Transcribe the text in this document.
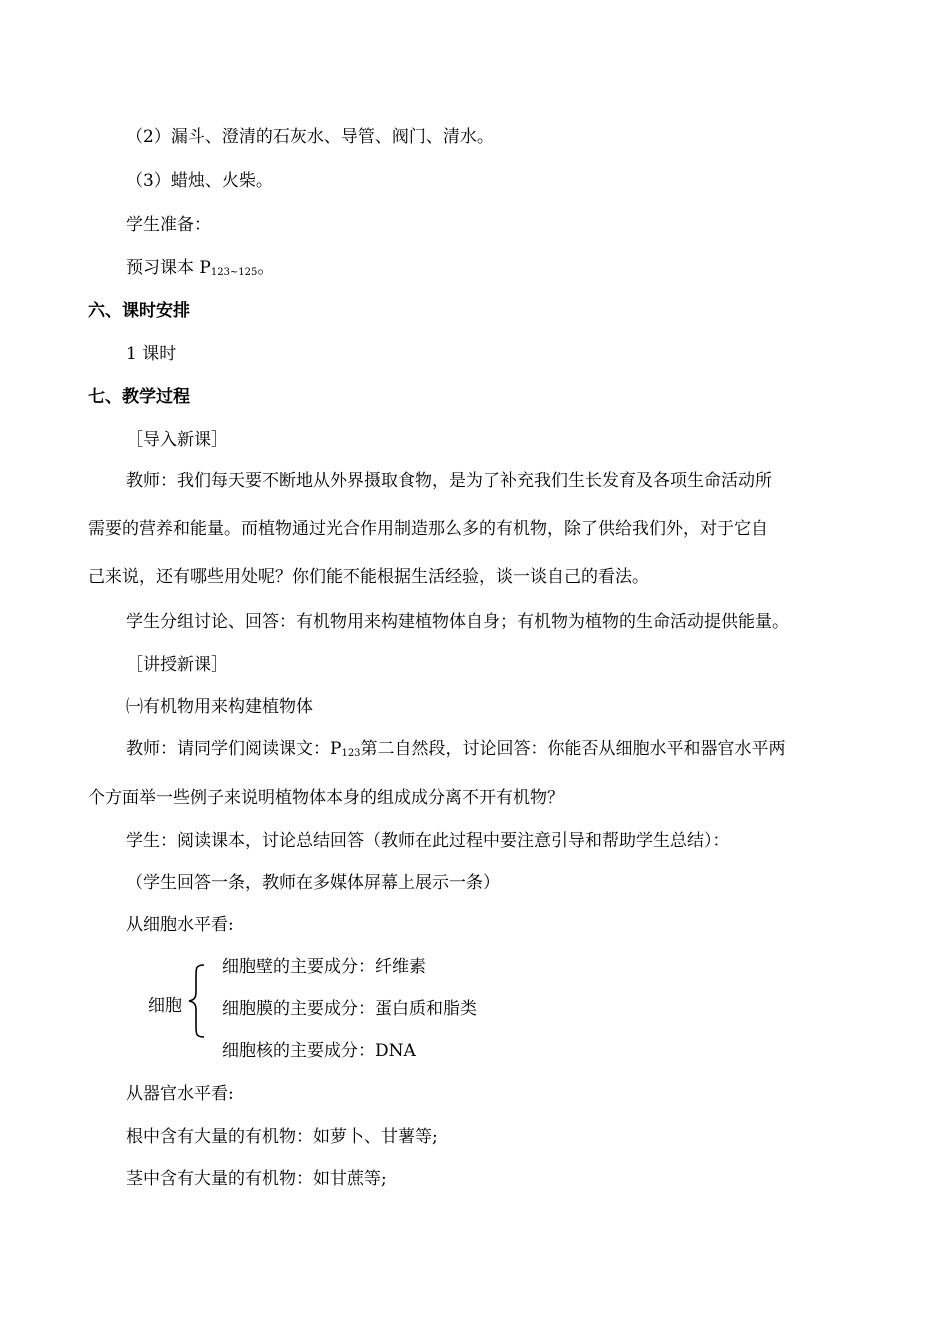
（2）漏斗、澄清的石灰水、导管、阀门、清水。
（3）蜡烛、火柴。
学生准备：
预习课本 $P_{123\sim 125}$。
六、课时安排
1 课时
七、教学过程
［导入新课］
教师：我们每天要不断地从外界摄取食物，是为了补充我们生长发育及各项生命活动所
需要的营养和能量。而植物通过光合作用制造那么多的有机物，除了供给我们外，对于它自
己来说，还有哪些用处呢？你们能不能根据生活经验，谈一谈自己的看法。
学生分组讨论、回答：有机物用来构建植物体自身；有机物为植物的生命活动提供能量。
［讲授新课］
㈠有机物用来构建植物体
教师：请同学们阅读课文：$P_{123}$第二自然段，讨论回答：你能否从细胞水平和器官水平两
个方面举一些例子来说明植物体本身的组成成分离不开有机物？
学生：阅读课本，讨论总结回答（教师在此过程中要注意引导和帮助学生总结）：
（学生回答一条，教师在多媒体屏幕上展示一条）
从细胞水平看:
细胞
细胞壁的主要成分：纤维素
细胞膜的主要成分：蛋白质和脂类
细胞核的主要成分：DNA
从器官水平看:
根中含有大量的有机物：如萝卜、甘薯等;
茎中含有大量的有机物：如甘蔗等;
